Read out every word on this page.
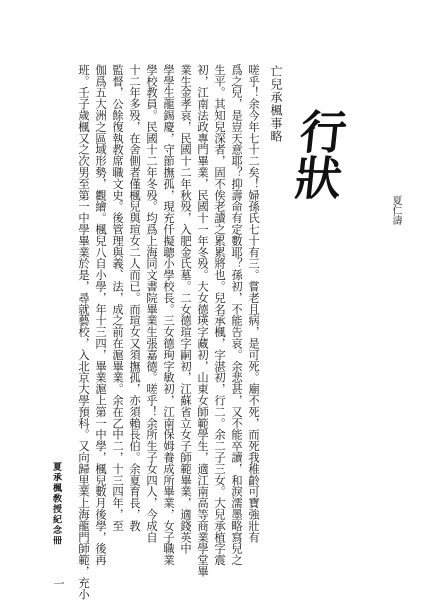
夏仁濤
行狀
亡兒承楓事略
嗟乎！余今年七十二矣！婦孫氏七十有三。嘗老且病，是可死。廟不死，而死我稚齡可寶強壯有
爲之兒，是豈天意耶？抑壽命有定數耶？孫初，不能告哀。余悲甚，又不能卒讀，和淚濡墨略寫兒之
生平。其知兒深者，固不俟老讀之累累將也。兒名承楓，字湛初，行二。余二子三女。大兒承植字震
初，江南法政專門畢業，民國十一年冬殁。大女德瑛字藏初，山東女師範學生，適江南高等商業學堂畢
業生金孝哀，民國十二年秋殁，入肥金氏墓。二女德瑄字嗣初，江蘇省立女子師範畢業，適錢英中
學學生龍錫慶，守節撫孤，現充仟擬聰小學校長。三女德珣字敏初，江南保姆養成所畢業，女子職業
學校教員。民國十二年冬殁。均爲上海同文書院畢業生張嘉德。嗟乎！余所生子女四人，今成自
十二年多殁，在舍側者僅楓兒與瑄女二人而已。而瑄女又須撫孤，亦須賴長伯。余夏育長，教
監督，公餘復執教席職文史。後管理與義、法，成之前在滬畢業。余在乙中二，十三四年，至
伽爲五大洲之區域形勢，觀繪。楓兒八自小學，年十三四，畢業滬上第一中學，楓兒數月後學，後再
班。壬子歲楓又之次男至第一中學畢業於是，尋就藝校，入北京大學預科。又向歸里業上海龍門師範，充小
夏承楓敎授紀念冊
一
